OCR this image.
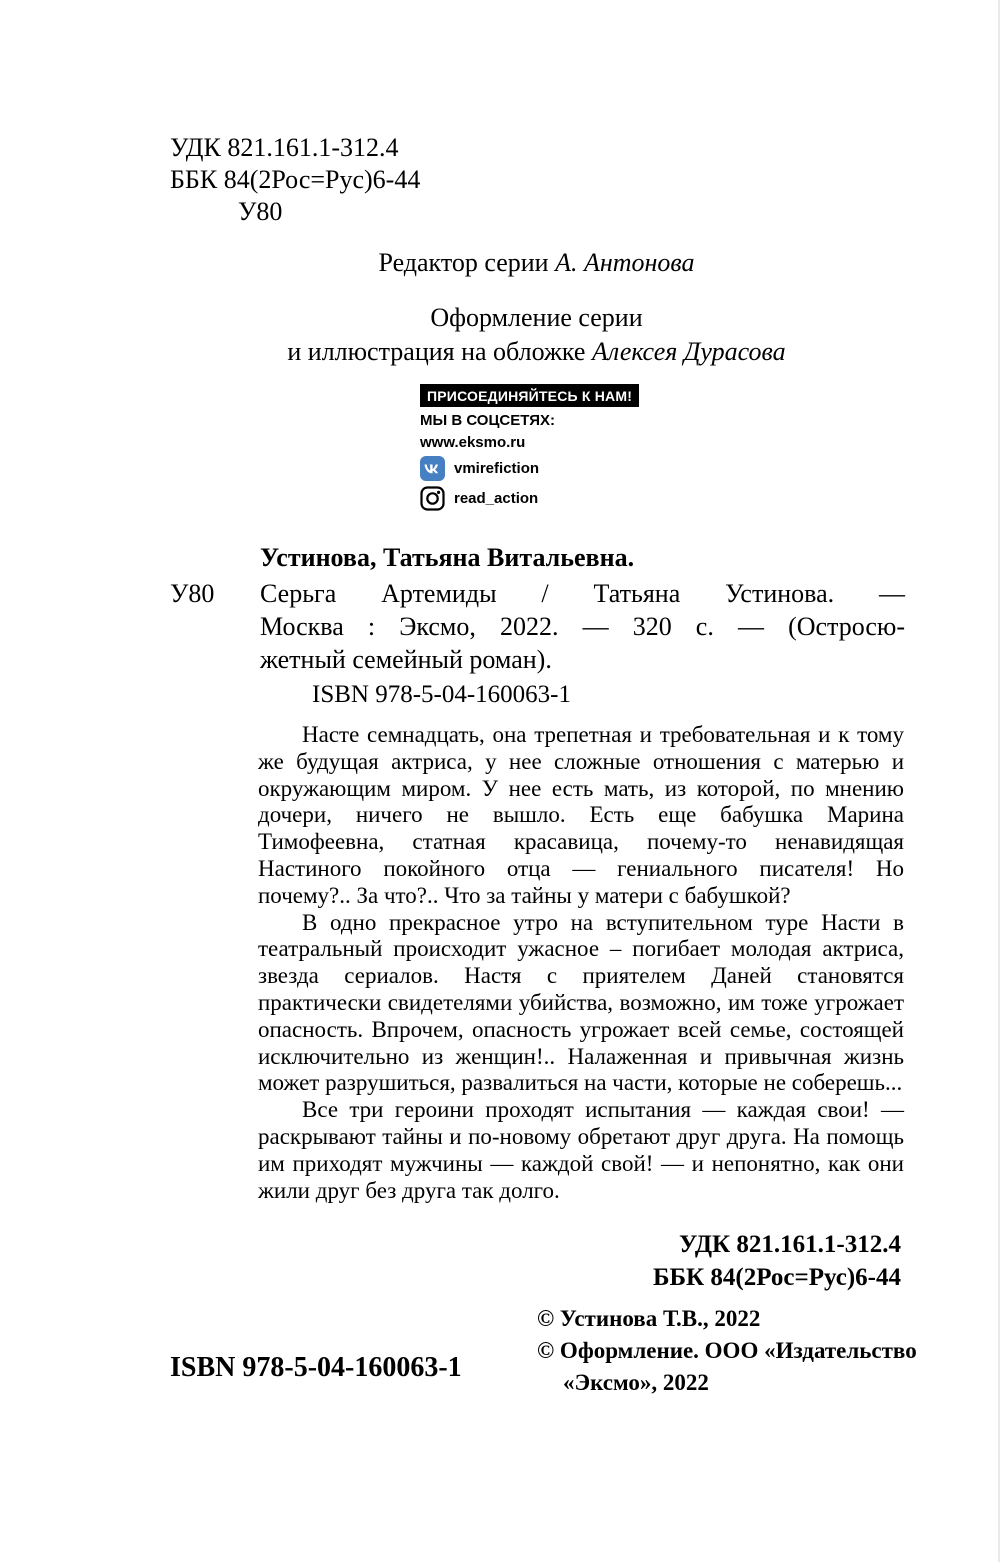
УДК 821.161.1-312.4
ББК 84(2Рос=Рус)6-44
У80
Редактор серии А. Антонова
Оформление серии
и иллюстрация на обложке Алексея Дурасова
ПРИСОЕДИНЯЙТЕСЬ К НАМ!
МЫ В СОЦСЕТЯХ:
www.eksmo.ru
vmirefiction
read_action
Устинова, Татьяна Витальевна.
У80 Серьга Артемиды / Татьяна Устинова. —
Москва : Эксмо, 2022. — 320 с. — (Остросю-
жетный семейный роман).
ISBN 978-5-04-160063-1

Насте семнадцать, она трепетная и требовательная и к тому же будущая актриса, у нее сложные отношения с матерью и окружающим миром. У нее есть мать, из которой, по мнению дочери, ничего не вышло. Есть еще бабушка Марина Тимофеевна, статная красавица, почему-то ненавидящая Настиного покойного отца — гениального писателя! Но почему?.. За что?.. Что за тайны у матери с бабушкой?

В одно прекрасное утро на вступительном туре Насти в театральный происходит ужасное – погибает молодая актриса, звезда сериалов. Настя с приятелем Даней становятся практически свидетелями убийства, возможно, им тоже угрожает опасность. Впрочем, опасность угрожает всей семье, состоящей исключительно из женщин!.. Налаженная и привычная жизнь может разрушиться, развалиться на части, которые не соберешь...

Все три героини проходят испытания — каждая свои! — раскрывают тайны и по-новому обретают друг друга. На помощь им приходят мужчины — каждой свой! — и непонятно, как они жили друг без друга так долго.

УДК 821.161.1-312.4
ББК 84(2Рос=Рус)6-44
© Устинова Т.В., 2022
© Оформление. ООО «Издательство
«Эксмо», 2022
ISBN 978-5-04-160063-1
